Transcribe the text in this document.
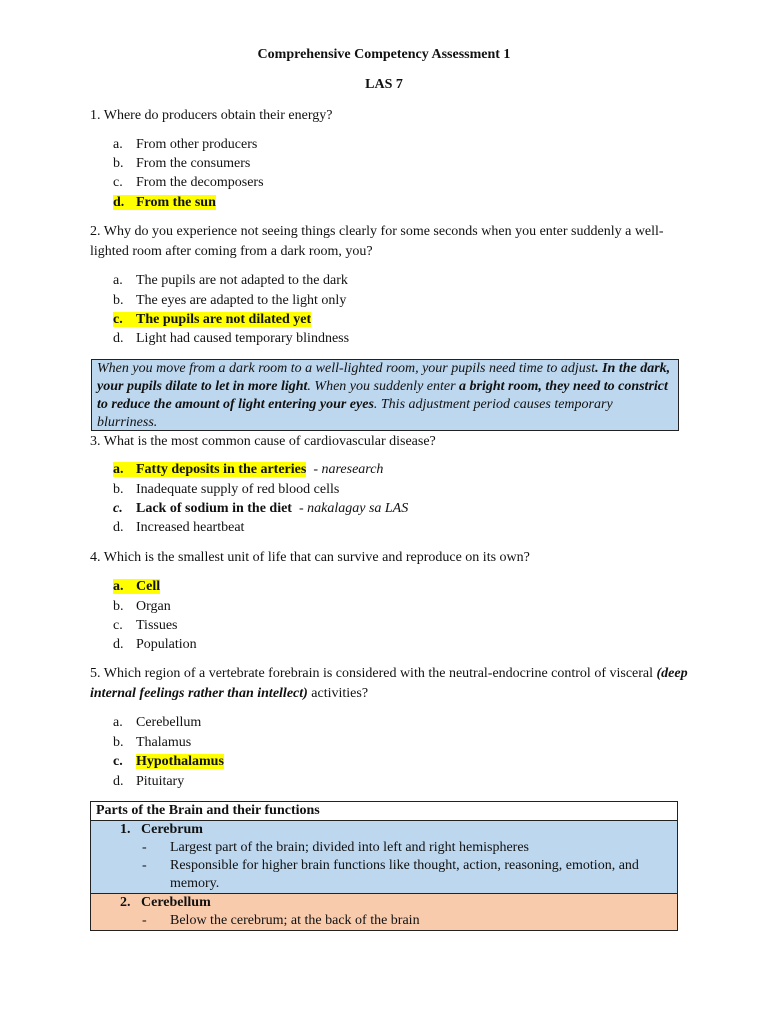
Comprehensive Competency Assessment 1
LAS 7
1. Where do producers obtain their energy?
a. From other producers
b. From the consumers
c. From the decomposers
d. From the sun
2. Why do you experience not seeing things clearly for some seconds when you enter suddenly a well-lighted room after coming from a dark room, you?
a. The pupils are not adapted to the dark
b. The eyes are adapted to the light only
c. The pupils are not dilated yet
d. Light had caused temporary blindness
When you move from a dark room to a well-lighted room, your pupils need time to adjust. In the dark, your pupils dilate to let in more light. When you suddenly enter a bright room, they need to constrict to reduce the amount of light entering your eyes. This adjustment period causes temporary blurriness.
3. What is the most common cause of cardiovascular disease?
a. Fatty deposits in the arteries - naresearch
b. Inadequate supply of red blood cells
c. Lack of sodium in the diet - nakalagay sa LAS
d. Increased heartbeat
4. Which is the smallest unit of life that can survive and reproduce on its own?
a. Cell
b. Organ
c. Tissues
d. Population
5. Which region of a vertebrate forebrain is considered with the neutral-endocrine control of visceral (deep internal feelings rather than intellect) activities?
a. Cerebellum
b. Thalamus
c. Hypothalamus
d. Pituitary
Parts of the Brain and their functions

1. Cerebrum
-	Largest part of the brain; divided into left and right hemispheres
-	Responsible for higher brain functions like thought, action, reasoning, emotion, and memory.

2. Cerebellum
-	Below the cerebrum; at the back of the brain
